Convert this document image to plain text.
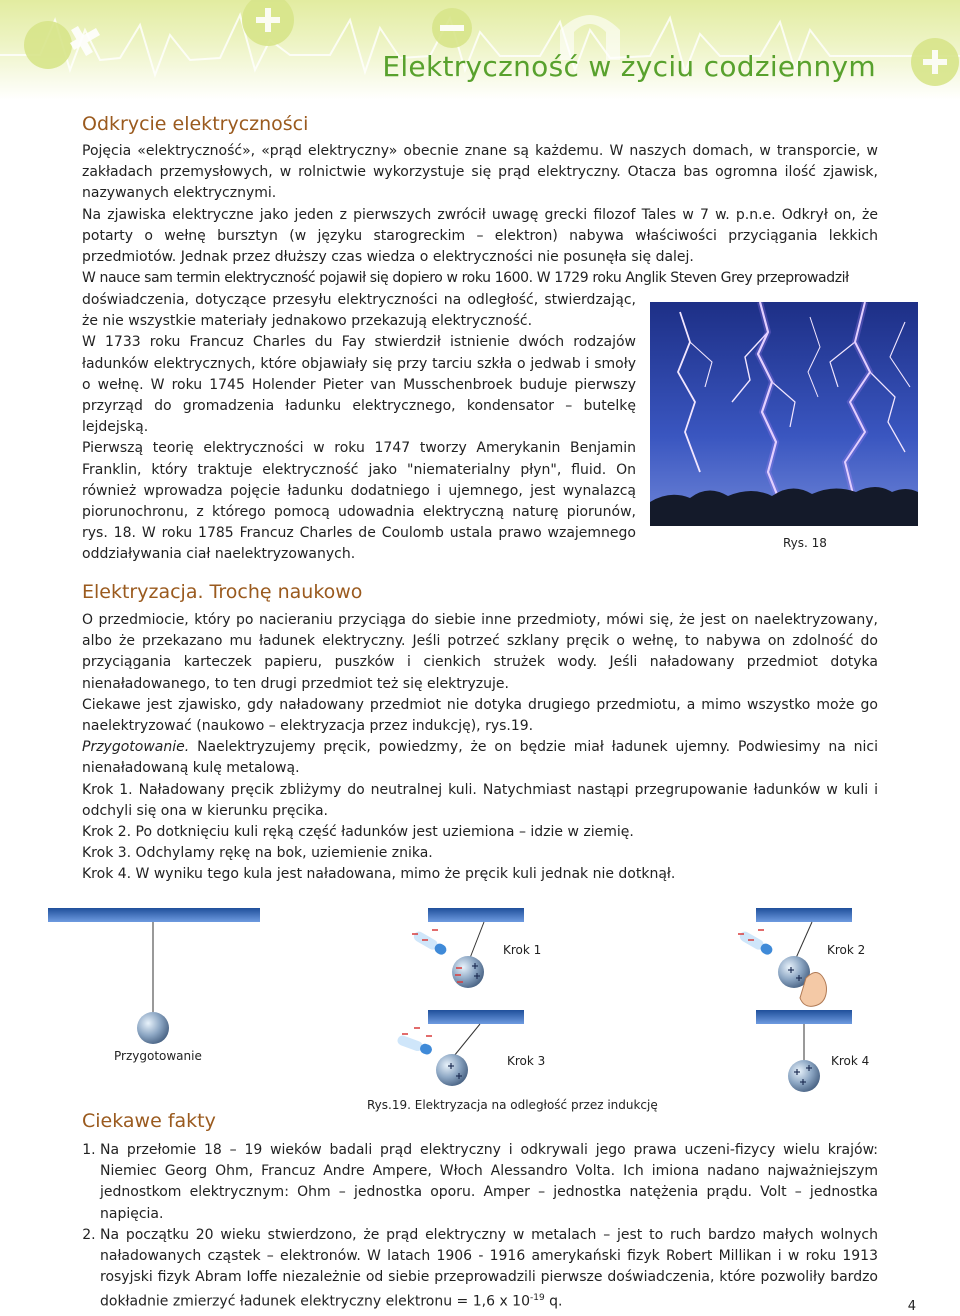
Elektryczność w życiu codziennym
Odkrycie elektryczności

Pojęcia «elektryczność», «prąd elektryczny» obecnie znane są każdemu. W naszych domach, w transporcie, w zakładach przemysłowych, w rolnictwie wykorzystuje się prąd elektryczny. Otacza bas ogromna ilość zjawisk, nazywanych elektrycznymi.

Na zjawiska elektryczne jako jeden z pierwszych zwrócił uwagę grecki filozof Tales w 7 w. p.n.e. Odkrył on, że potarty o wełnę bursztyn (w języku starogreckim – elektron) nabywa właściwości przyciągania lekkich przedmiotów. Jednak przez dłuższy czas wiedza o elektryczności nie posunęła się dalej.

W nauce sam termin elektryczność pojawił się dopiero w roku 1600. W 1729 roku Anglik Steven Grey przeprowadził

doświadczenia, dotyczące przesyłu elektryczności na odległość, stwierdzając, że nie wszystkie materiały jednakowo przekazują elektryczność.

W 1733 roku Francuz Charles du Fay stwierdził istnienie dwóch rodzajów ładunków elektrycznych, które objawiały się przy tarciu szkła o jedwab i smoły o wełnę. W roku 1745 Holender Pieter van Musschenbroek buduje pierwszy przyrząd do gromadzenia ładunku elektrycznego, kondensator – butelkę lejdejską.

Pierwszą teorię elektryczności w roku 1747 tworzy Amerykanin Benjamin Franklin, który traktuje elektryczność jako "niematerialny płyn", fluid. On również wprowadza pojęcie ładunku dodatniego i ujemnego, jest wynalazcą piorunochronu, z którego pomocą udowadnia elektryczną naturę piorunów, rys. 18. W roku 1785 Francuz Charles de Coulomb ustala prawo wzajemnego oddziaływania ciał naelektryzowanych.

Rys. 18
Elektryzacja. Trochę naukowo

O przedmiocie, który po nacieraniu przyciąga do siebie inne przedmioty, mówi się, że jest on naelektryzowany, albo że przekazano mu ładunek elektryczny. Jeśli potrzeć szklany pręcik o wełnę, to nabywa on zdolność do przyciągania karteczek papieru, puszków i cienkich strużek wody. Jeśli naładowany przedmiot dotyka nienaładowanego, to ten drugi przedmiot też się elektryzuje.

Ciekawe jest zjawisko, gdy naładowany przedmiot nie dotyka drugiego przedmiotu, a mimo wszystko może go naelektryzować (naukowo – elektryzacja przez indukcję), rys.19.

Przygotowanie. Naelektryzujemy pręcik, powiedzmy, że on będzie miał ładunek ujemny. Podwiesimy na nici nienaładowaną kulę metalową.

Krok 1. Naładowany pręcik zbliżymy do neutralnej kuli. Natychmiast nastąpi przegrupowanie ładunków w kuli i odchyli się ona w kierunku pręcika.

Krok 2. Po dotknięciu kuli ręką część ładunków jest uziemiona – idzie w ziemię.

Krok 3. Odchylamy rękę na bok, uziemienie znika.

Krok 4. W wyniku tego kula jest naładowana, mimo że pręcik kuli jednak nie dotknął.

Przygotowanie
Krok 1	Krok 2
Krok 3	Krok 4
Rys.19. Elektryzacja na odległość przez indukcję
Ciekawe fakty
1. Na przełomie 18 – 19 wieków badali prąd elektryczny i odkrywali jego prawa uczeni-fizycy wielu krajów: Niemiec Georg Ohm, Francuz Andre Ampere, Włoch Alessandro Volta. Ich imiona nadano najważniejszym jednostkom elektrycznym: Ohm – jednostka oporu. Amper – jednostka natężenia prądu. Volt – jednostka napięcia.
2. Na początku 20 wieku stwierdzono, że prąd elektryczny w metalach – jest to ruch bardzo małych wolnych naładowanych cząstek – elektronów. W latach 1906 - 1916 amerykański fizyk Robert Millikan i w roku 1913 rosyjski fizyk Abram Ioffe niezależnie od siebie przeprowadzili pierwsze doświadczenia, które pozwoliły bardzo dokładnie zmierzyć ładunek elektryczny elektronu = 1,6 x $10^{-19}$ q.	4
